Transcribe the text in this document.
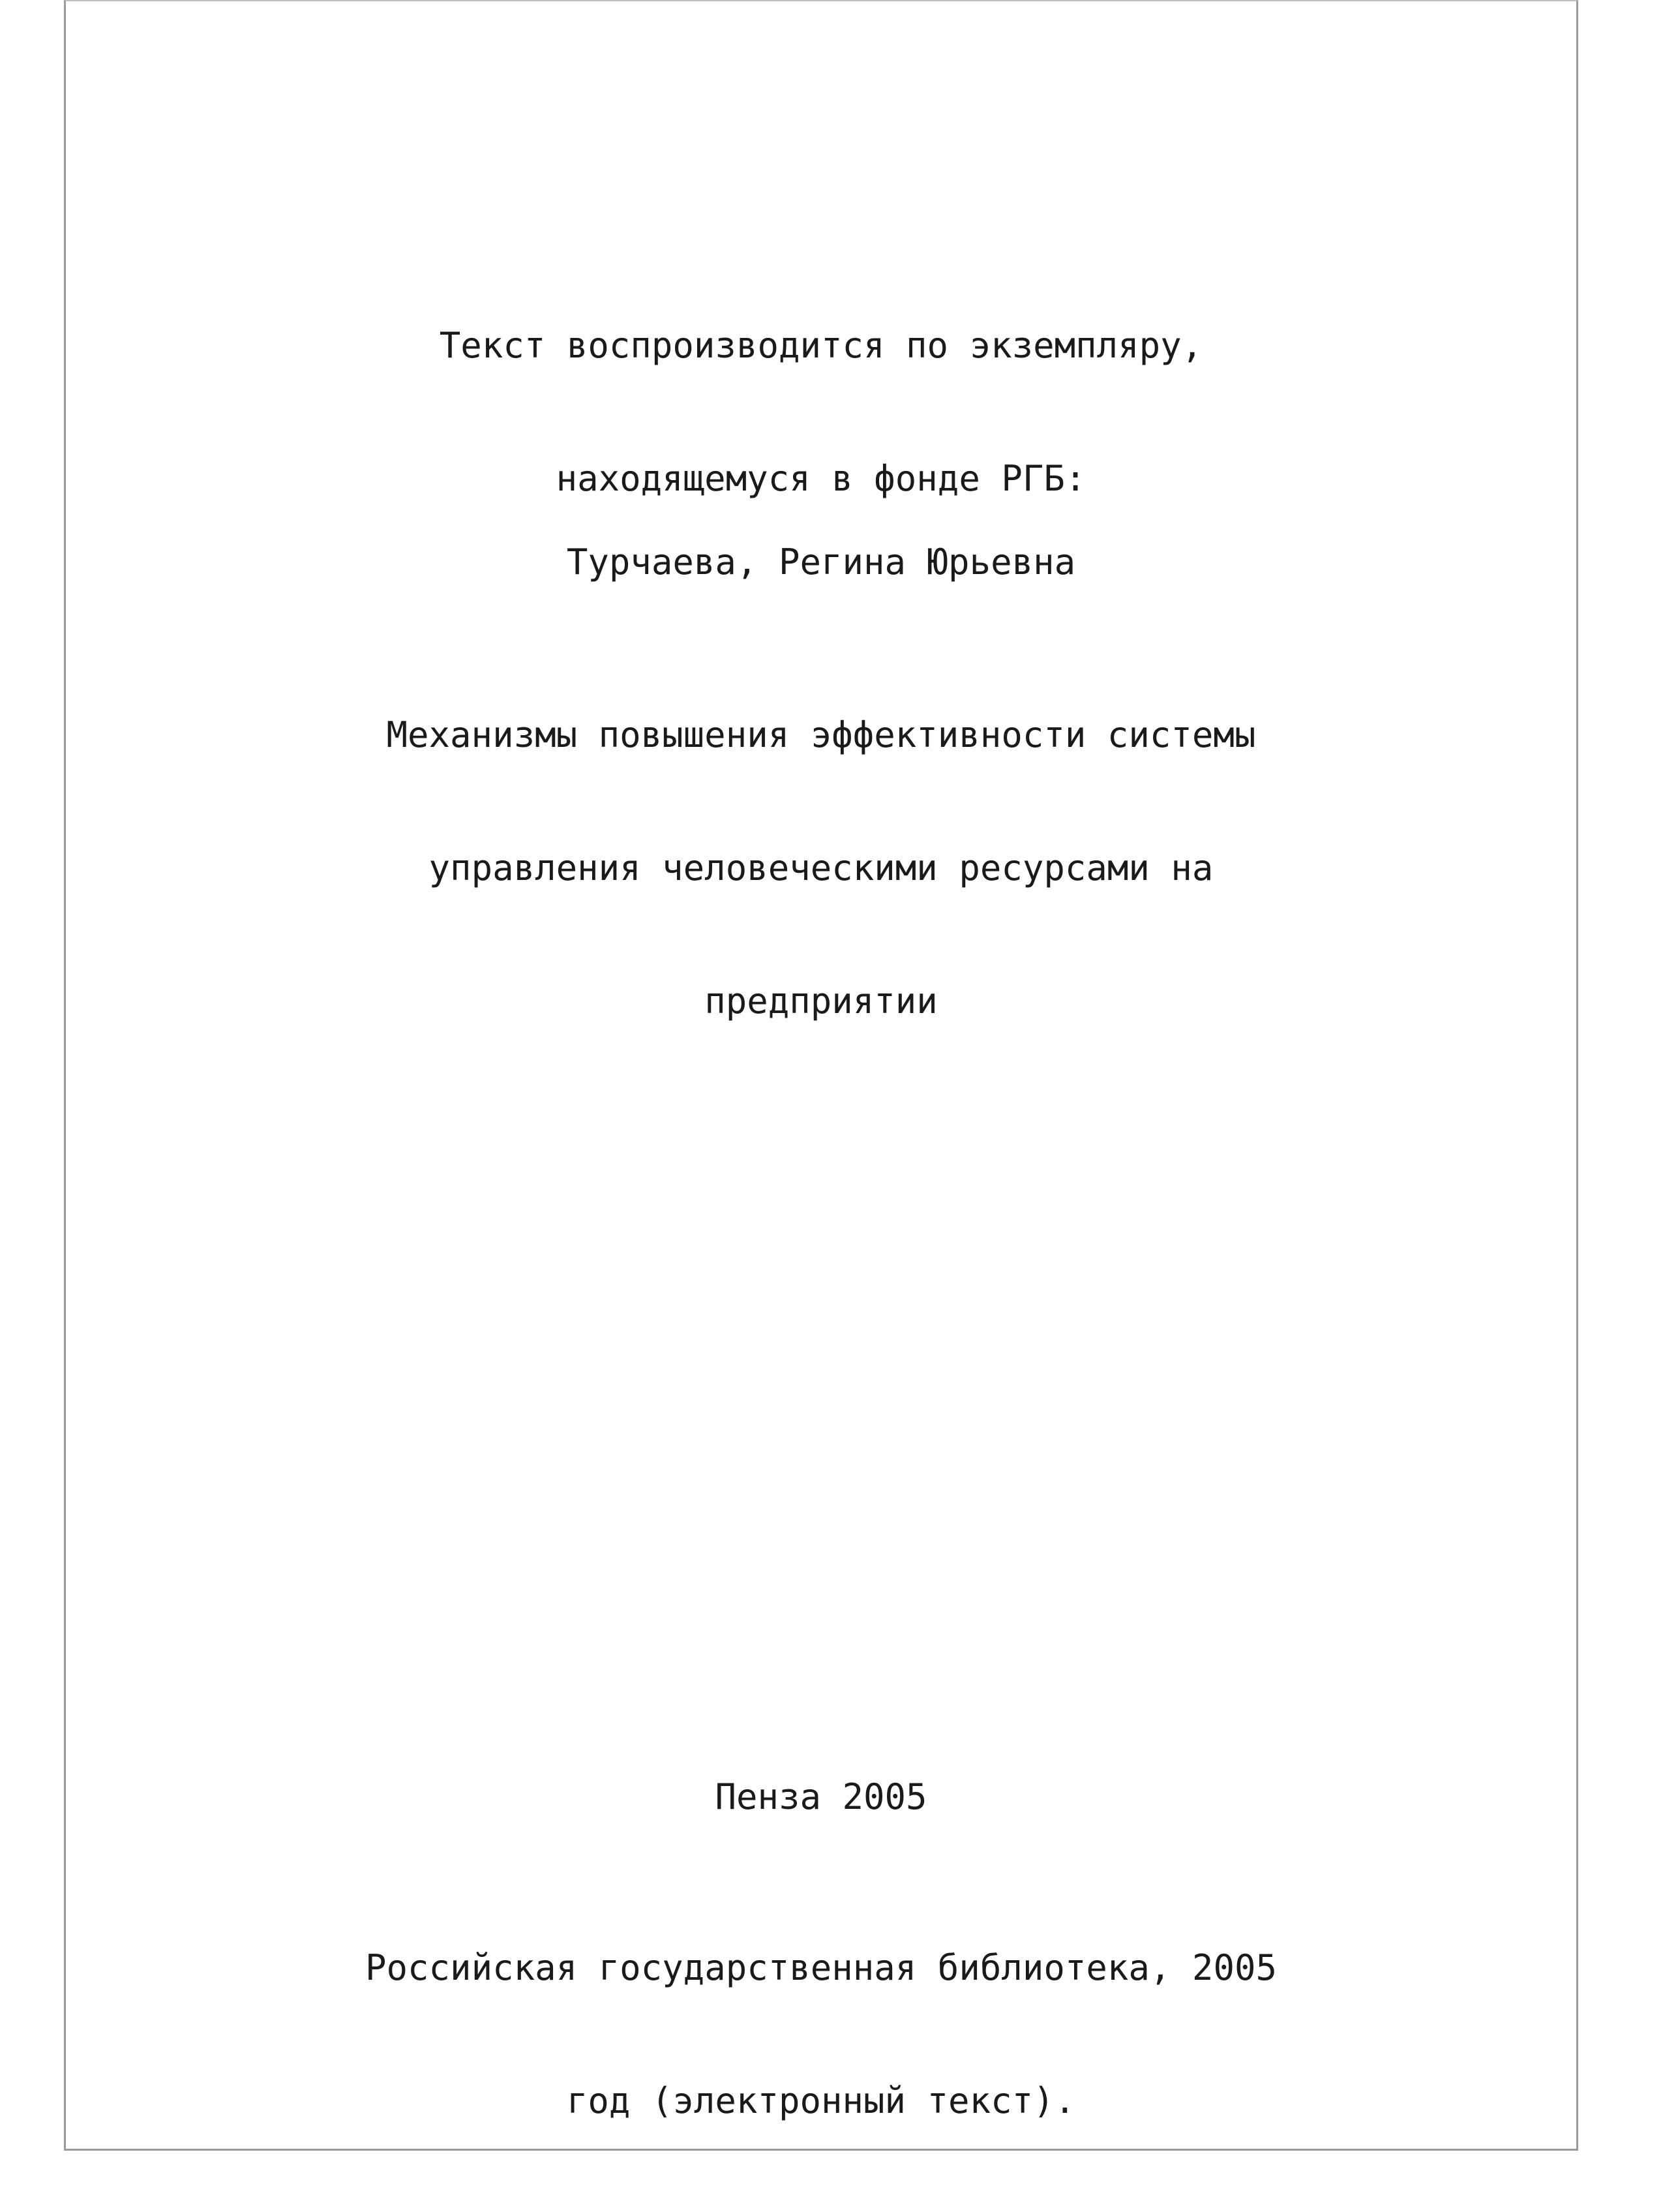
Текст воспроизводится по экземпляру,

находящемуся в фонде РГБ:

Турчаева, Регина Юрьевна

Механизмы повышения эффективности системы

управления человеческими ресурсами на

предприятии

Пенза 2005

Российская государственная библиотека, 2005

год (электронный текст).
